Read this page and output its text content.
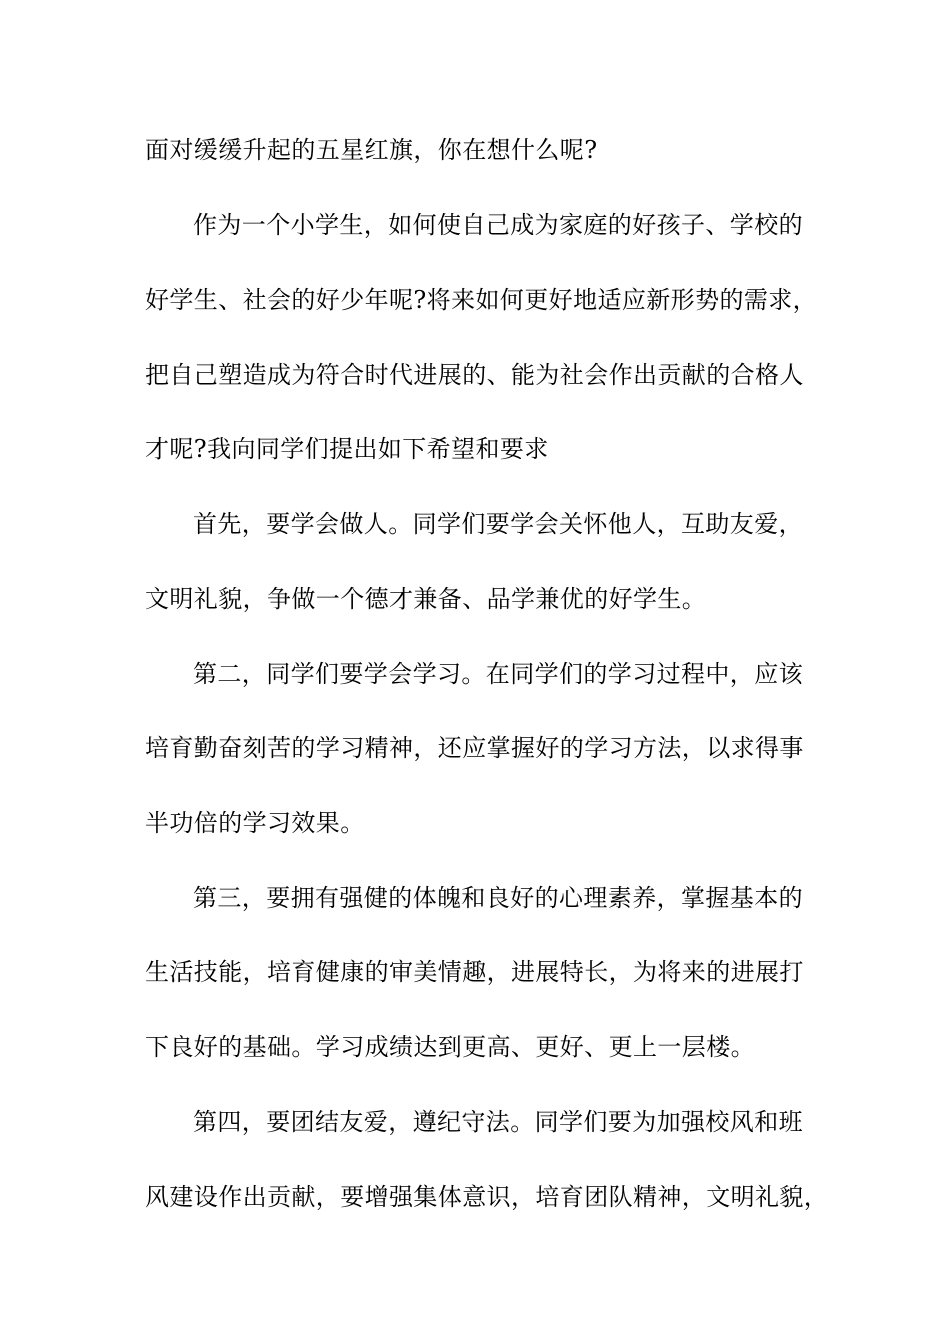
面对缓缓升起的五星红旗，你在想什么呢?
作为一个小学生，如何使自己成为家庭的好孩子、学校的
好学生、社会的好少年呢?将来如何更好地适应新形势的需求，
把自己塑造成为符合时代进展的、能为社会作出贡献的合格人
才呢?我向同学们提出如下希望和要求
首先，要学会做人。同学们要学会关怀他人，互助友爱，
文明礼貌，争做一个德才兼备、品学兼优的好学生。
第二，同学们要学会学习。在同学们的学习过程中，应该
培育勤奋刻苦的学习精神，还应掌握好的学习方法，以求得事
半功倍的学习效果。
第三，要拥有强健的体魄和良好的心理素养，掌握基本的
生活技能，培育健康的审美情趣，进展特长，为将来的进展打
下良好的基础。学习成绩达到更高、更好、更上一层楼。
第四，要团结友爱，遵纪守法。同学们要为加强校风和班
风建设作出贡献，要增强集体意识，培育团队精神，文明礼貌，
